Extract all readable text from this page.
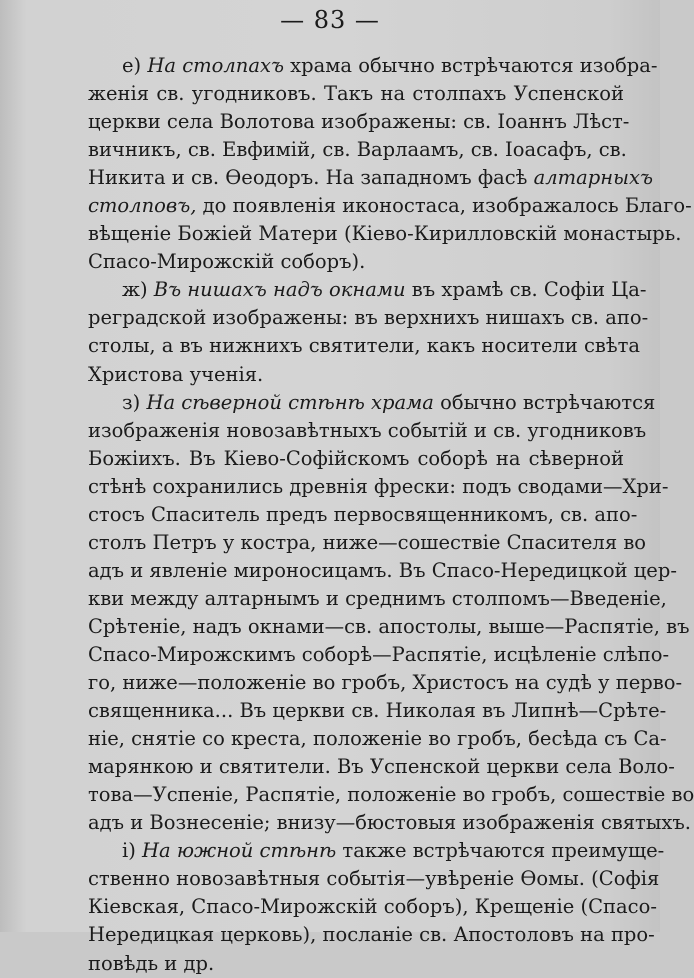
— 83 —
е) На столпахъ храма обычно встрѣчаются изобра-
женія св. угодниковъ. Такъ на столпахъ Успенской
церкви села Волотова изображены: св. Іоаннъ Лѣст-
вичникъ, св. Евфимій, св. Варлаамъ, св. Іоасафъ, св.
Никита и св. Ѳеодоръ. На западномъ фасѣ алтарныхъ
столповъ, до появленія иконостаса, изображалось Благо-
вѣщеніе Божіей Матери (Кіево-Кирилловскій монастырь.
Спасо-Мирожскій соборъ).
ж) Въ нишахъ надъ окнами въ храмѣ св. Софіи Ца-
реградской изображены: въ верхнихъ нишахъ св. апо-
столы, а въ нижнихъ святители, какъ носители свѣта
Христова ученія.
з) На сѣверной стѣнѣ храма обычно встрѣчаются
изображенія новозавѣтныхъ событій и св. угодниковъ
Божіихъ. Въ Кіево-Софійскомъ соборѣ на сѣверной
стѣнѣ сохранились древнія фрески: подъ сводами—Хри-
стосъ Спаситель предъ первосвященникомъ, св. апо-
столъ Петръ у костра, ниже—сошествіе Спасителя во
адъ и явленіе мироносицамъ. Въ Спасо-Нередицкой цер-
кви между алтарнымъ и среднимъ столпомъ—Введеніе,
Срѣтеніе, надъ окнами—св. апостолы, выше—Распятіе, въ
Спасо-Мирожскимъ соборѣ—Распятіе, исцѣленіе слѣпо-
го, ниже—положеніе во гробъ, Христосъ на судѣ у перво-
священника... Въ церкви св. Николая въ Липнѣ—Срѣте-
ніе, снятіе со креста, положеніе во гробъ, бесѣда съ Са-
марянкою и святители. Въ Успенской церкви села Воло-
това—Успеніе, Распятіе, положеніе во гробъ, сошествіе во
адъ и Вознесеніе; внизу—бюстовыя изображенія святыхъ.
і) На южной стѣнѣ также встрѣчаются преимуще-
ственно новозавѣтныя событія—увѣреніе Ѳомы. (Софія
Кіевская, Спасо-Мирожскій соборъ), Крещеніе (Спасо-
Нередицкая церковь), посланіе св. Апостоловъ на про-
повѣдь и др.
